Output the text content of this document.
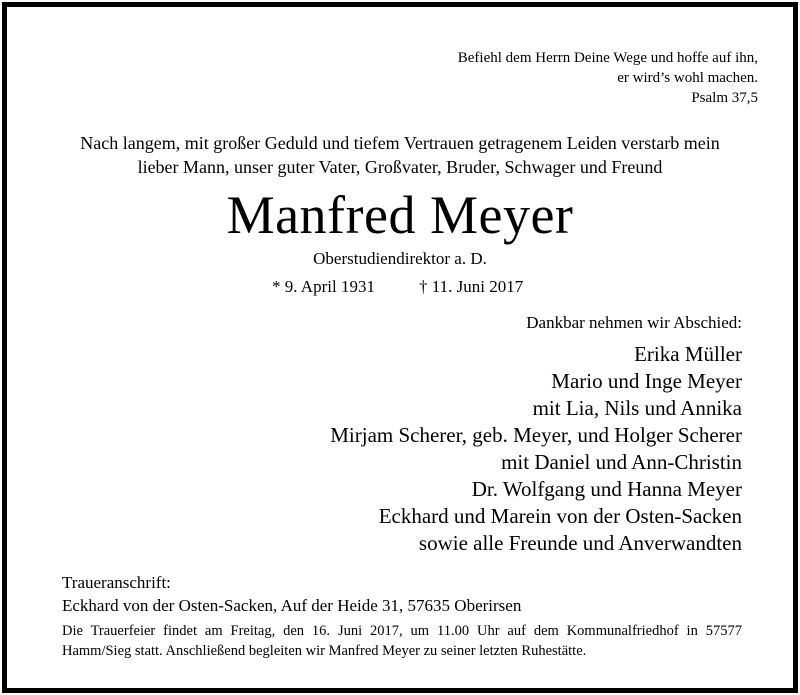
Befiehl dem Herrn Deine Wege und hoffe auf ihn,
er wird’s wohl machen.
Psalm 37,5
Nach langem, mit großer Geduld und tiefem Vertrauen getragenem Leiden verstarb mein
lieber Mann, unser guter Vater, Großvater, Bruder, Schwager und Freund
Manfred Meyer
Oberstudiendirektor a. D.
* 9. April 1931	† 11. Juni 2017
Dankbar nehmen wir Abschied:
Erika Müller
Mario und Inge Meyer
mit Lia, Nils und Annika
Mirjam Scherer, geb. Meyer, und Holger Scherer
mit Daniel und Ann-Christin
Dr. Wolfgang und Hanna Meyer
Eckhard und Marein von der Osten-Sacken
sowie alle Freunde und Anverwandten
Traueranschrift:
Eckhard von der Osten-Sacken, Auf der Heide 31, 57635 Oberirsen
Die Trauerfeier findet am Freitag, den 16. Juni 2017, um 11.00 Uhr auf dem Kommunalfriedhof in 57577 Hamm/Sieg statt. Anschließend begleiten wir Manfred Meyer zu seiner letzten Ruhestätte.
